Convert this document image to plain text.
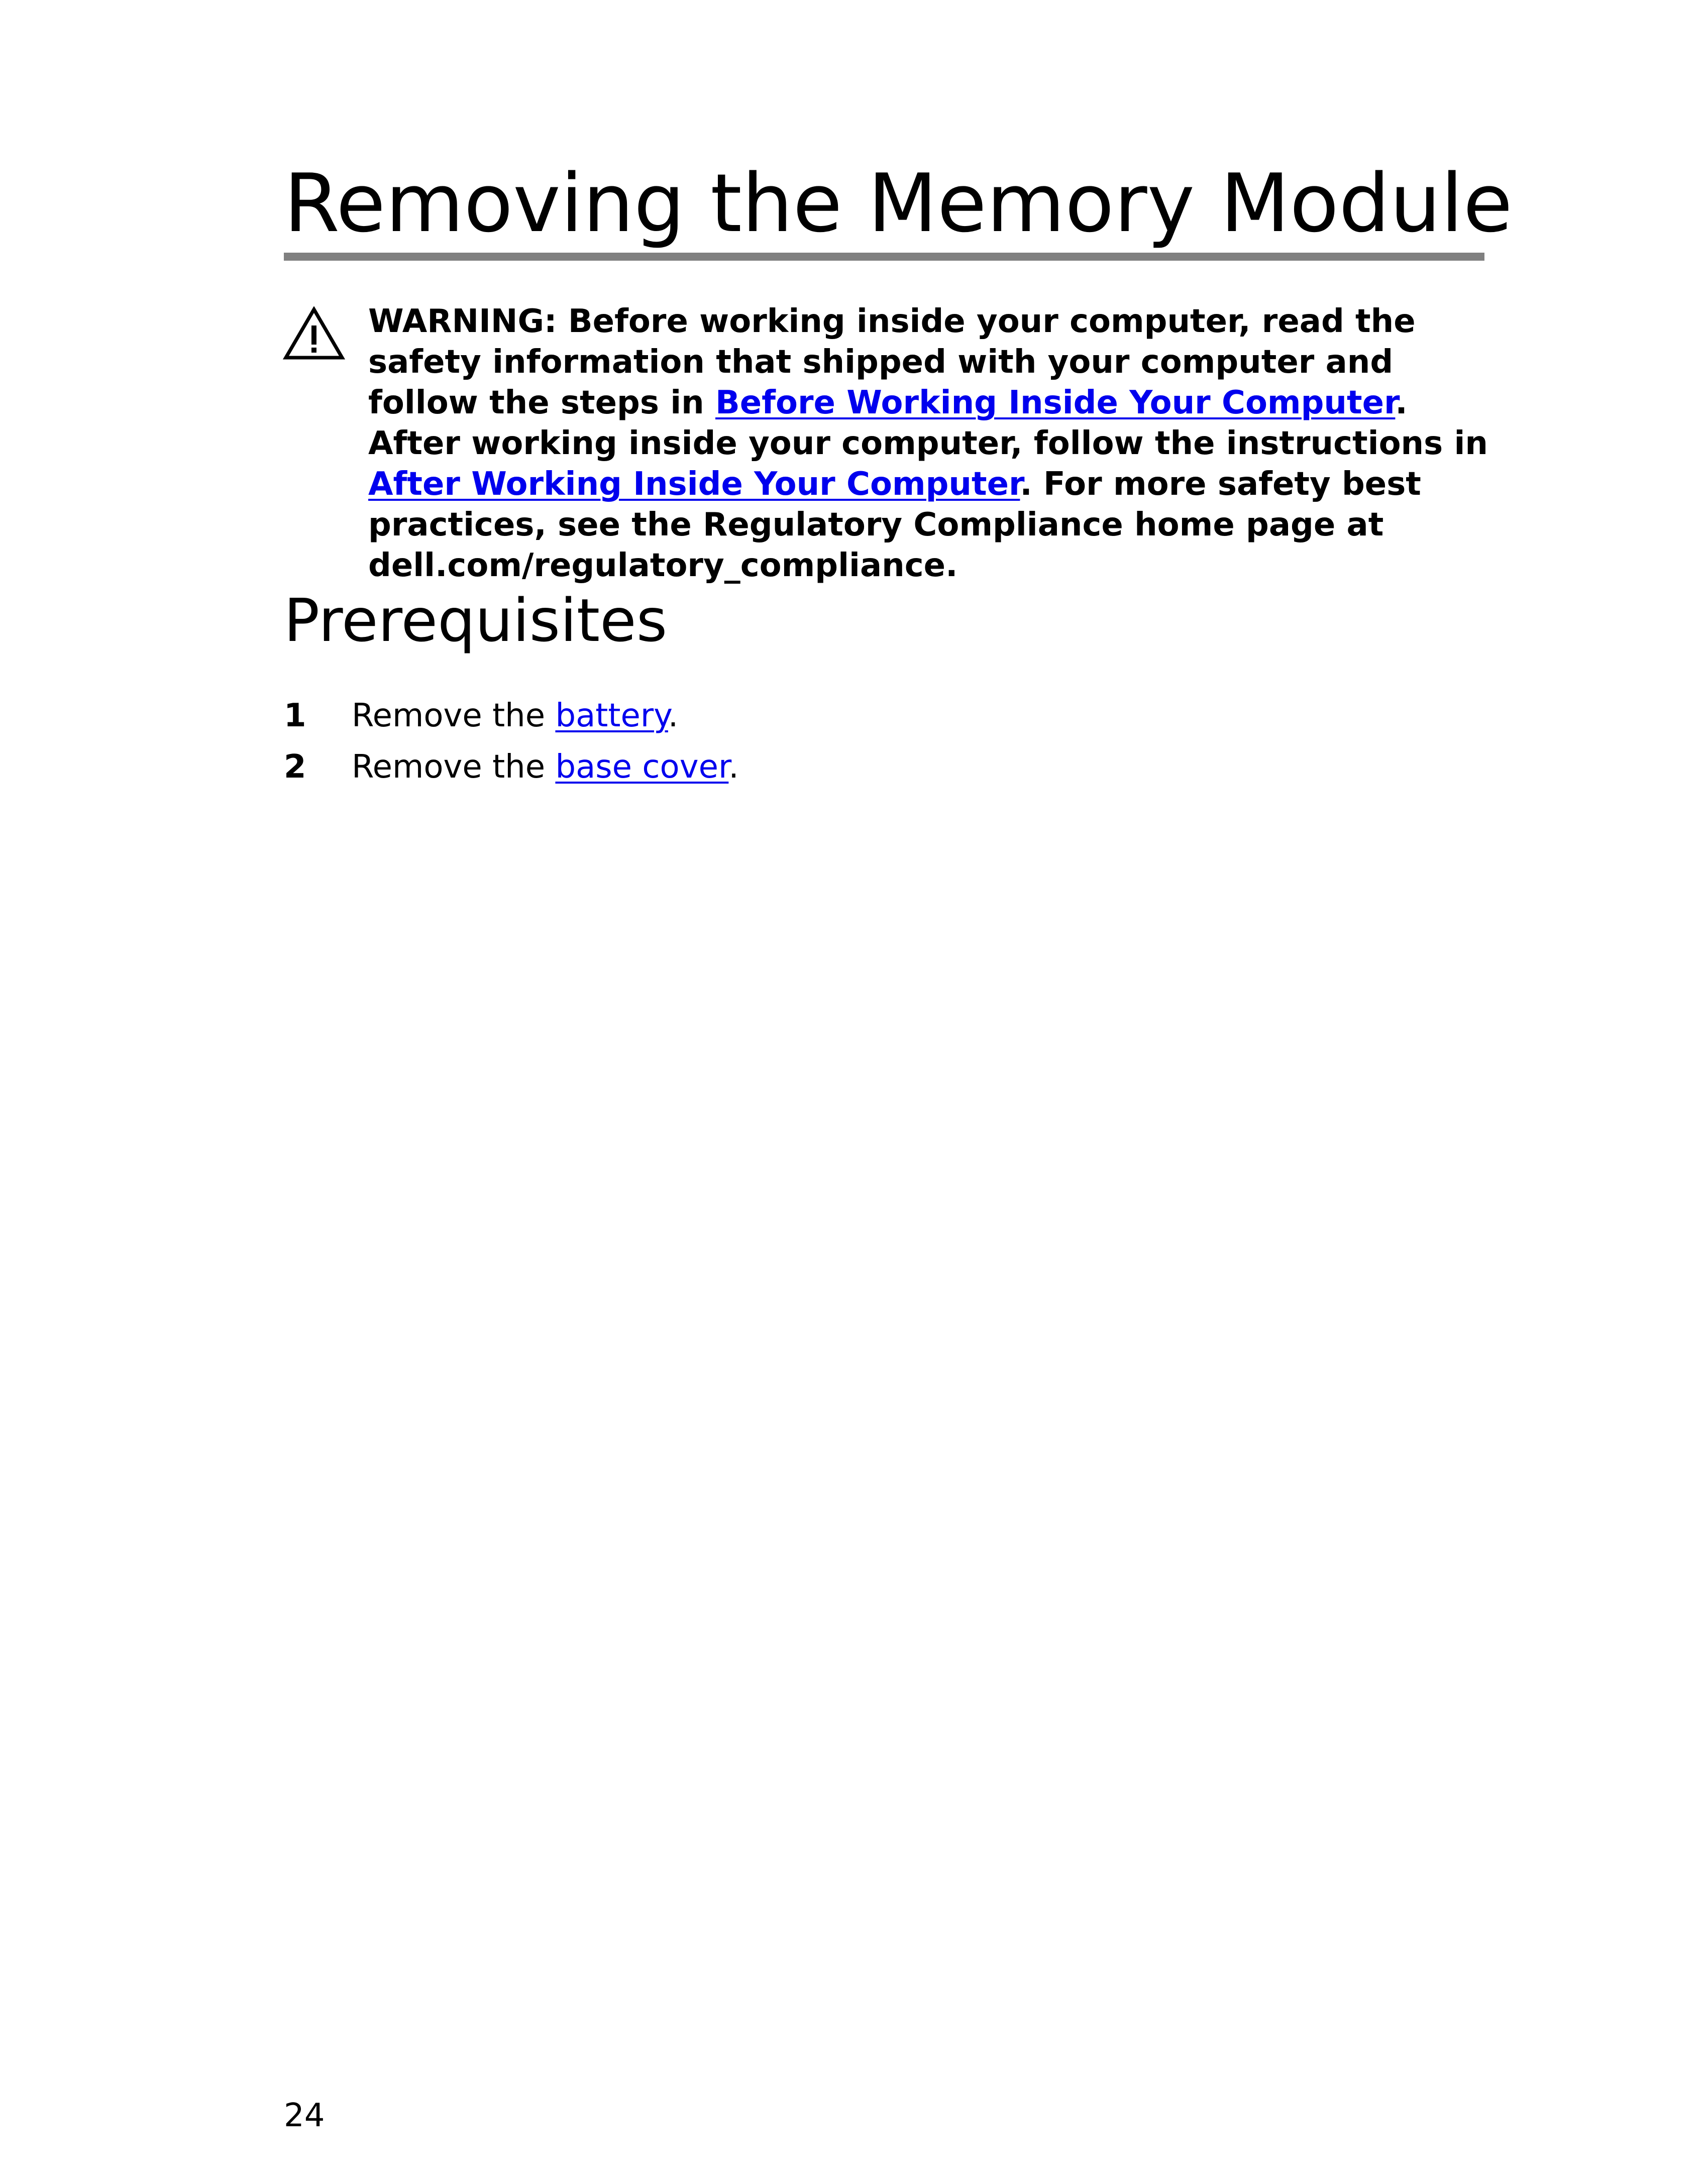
Removing the Memory Module

WARNING: Before working inside your computer, read the safety information that shipped with your computer and follow the steps in Before Working Inside Your Computer. After working inside your computer, follow the instructions in After Working Inside Your Computer. For more safety best practices, see the Regulatory Compliance home page at dell.com/regulatory_compliance.

Prerequisites

1 Remove the battery.

2 Remove the base cover.

24
